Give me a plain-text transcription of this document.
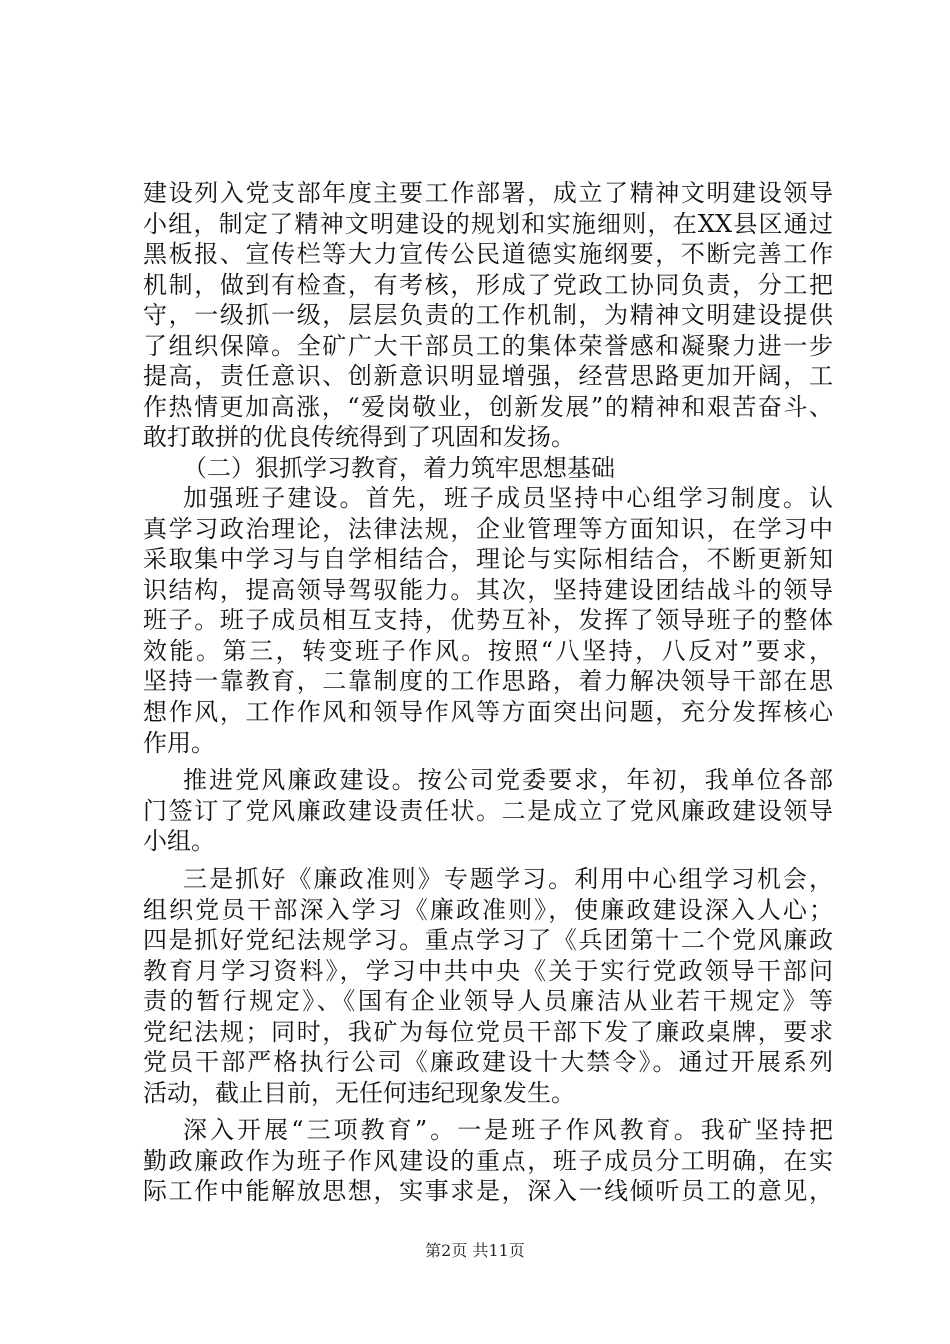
建设列入党支部年度主要工作部署，成立了精神文明建设领导
小组，制定了精神文明建设的规划和实施细则，在XX县区通过
黑板报、宣传栏等大力宣传公民道德实施纲要，不断完善工作
机制，做到有检查，有考核，形成了党政工协同负责，分工把
守，一级抓一级，层层负责的工作机制，为精神文明建设提供
了组织保障。全矿广大干部员工的集体荣誉感和凝聚力进一步
提高，责任意识、创新意识明显增强，经营思路更加开阔，工
作热情更加高涨，“爱岗敬业，创新发展”的精神和艰苦奋斗、
敢打敢拼的优良传统得到了巩固和发扬。
（二）狠抓学习教育，着力筑牢思想基础
加强班子建设。首先，班子成员坚持中心组学习制度。认
真学习政治理论，法律法规，企业管理等方面知识，在学习中
采取集中学习与自学相结合，理论与实际相结合，不断更新知
识结构，提高领导驾驭能力。其次，坚持建设团结战斗的领导
班子。班子成员相互支持，优势互补，发挥了领导班子的整体
效能。第三，转变班子作风。按照“八坚持，八反对”要求，
坚持一靠教育，二靠制度的工作思路，着力解决领导干部在思
想作风，工作作风和领导作风等方面突出问题，充分发挥核心
作用。
推进党风廉政建设。按公司党委要求，年初，我单位各部
门签订了党风廉政建设责任状。二是成立了党风廉政建设领导
小组。
三是抓好《廉政准则》专题学习。利用中心组学习机会，
组织党员干部深入学习《廉政准则》，使廉政建设深入人心；
四是抓好党纪法规学习。重点学习了《兵团第十二个党风廉政
教育月学习资料》，学习中共中央《关于实行党政领导干部问
责的暂行规定》、《国有企业领导人员廉洁从业若干规定》等
党纪法规；同时，我矿为每位党员干部下发了廉政桌牌，要求
党员干部严格执行公司《廉政建设十大禁令》。通过开展系列
活动，截止目前，无任何违纪现象发生。
深入开展“三项教育”。一是班子作风教育。我矿坚持把
勤政廉政作为班子作风建设的重点，班子成员分工明确，在实
际工作中能解放思想，实事求是，深入一线倾听员工的意见，
第2页 共11页
